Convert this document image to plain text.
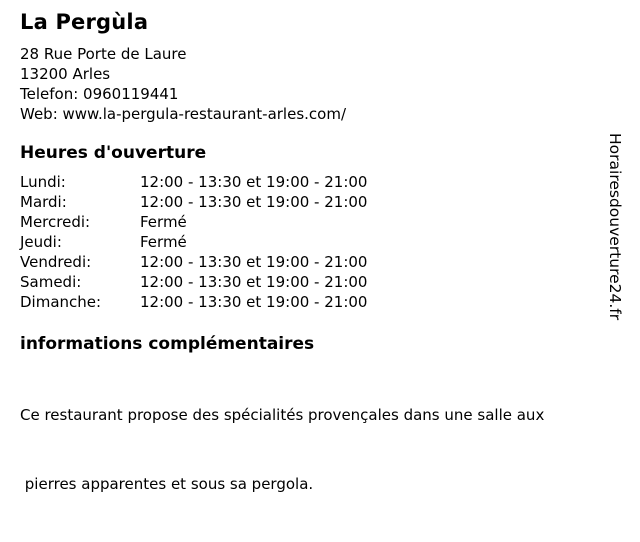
La Pergùla
28 Rue Porte de Laure
13200 Arles
Telefon: 0960119441
Web: www.la-pergula-restaurant-arles.com/
Heures d'ouverture
Lundi:	12:00 - 13:30 et 19:00 - 21:00
Mardi:	12:00 - 13:30 et 19:00 - 21:00
Mercredi:	Fermé
Jeudi:	Fermé
Vendredi:	12:00 - 13:30 et 19:00 - 21:00
Samedi:	12:00 - 13:30 et 19:00 - 21:00
Dimanche:	12:00 - 13:30 et 19:00 - 21:00
informations complémentaires

Ce restaurant propose des spécialités provençales dans une salle aux

pierres apparentes et sous sa pergola.

Horairesdouverture24.fr
